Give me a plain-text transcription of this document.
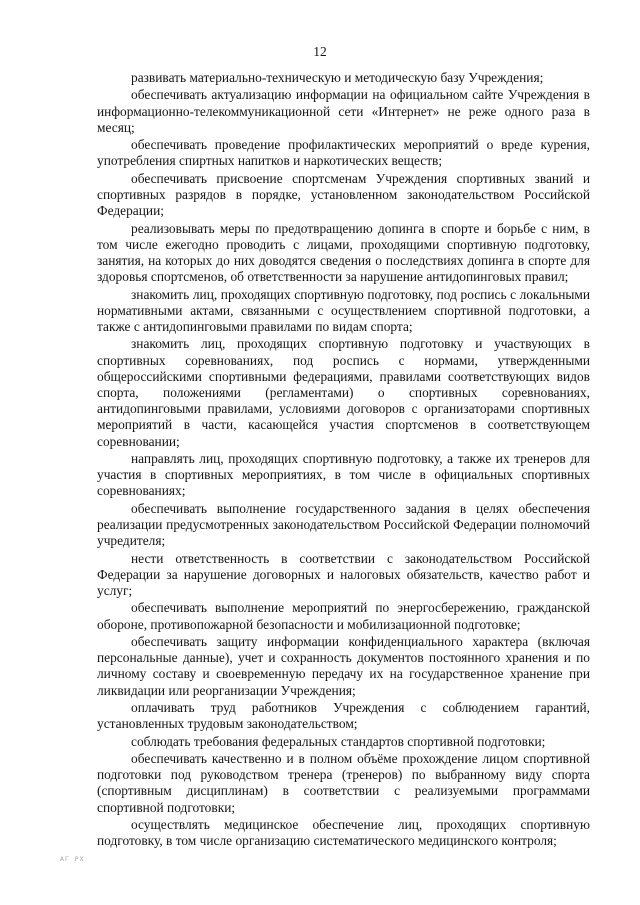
12

развивать материально-техническую и методическую базу Учреждения;

обеспечивать актуализацию информации на официальном сайте Учреждения в информационно-телекоммуникационной сети «Интернет» не реже одного раза в месяц;

обеспечивать проведение профилактических мероприятий о вреде курения, употребления спиртных напитков и наркотических веществ;

обеспечивать присвоение спортсменам Учреждения спортивных званий и спортивных разрядов в порядке, установленном законодательством Российской Федерации;

реализовывать меры по предотвращению допинга в спорте и борьбе с ним, в том числе ежегодно проводить с лицами, проходящими спортивную подготовку, занятия, на которых до них доводятся сведения о последствиях допинга в спорте для здоровья спортсменов, об ответственности за нарушение антидопинговых правил;

знакомить лиц, проходящих спортивную подготовку, под роспись с локальными нормативными актами, связанными с осуществлением спортивной подготовки, а также с антидопинговыми правилами по видам спорта;

знакомить лиц, проходящих спортивную подготовку и участвующих в спортивных соревнованиях, под роспись с нормами, утвержденными общероссийскими спортивными федерациями, правилами соответствующих видов спорта, положениями (регламентами) о спортивных соревнованиях, антидопинговыми правилами, условиями договоров с организаторами спортивных мероприятий в части, касающейся участия спортсменов в соответствующем соревновании;

направлять лиц, проходящих спортивную подготовку, а также их тренеров для участия в спортивных мероприятиях, в том числе в официальных спортивных соревнованиях;

обеспечивать выполнение государственного задания в целях обеспечения реализации предусмотренных законодательством Российской Федерации полномочий учредителя;

нести ответственность в соответствии с законодательством Российской Федерации за нарушение договорных и налоговых обязательств, качество работ и услуг;

обеспечивать выполнение мероприятий по энергосбережению, гражданской обороне, противопожарной безопасности и мобилизационной подготовке;

обеспечивать защиту информации конфиденциального характера (включая персональные данные), учет и сохранность документов постоянного хранения и по личному составу и своевременную передачу их на государственное хранение при ликвидации или реорганизации Учреждения;

оплачивать труд работников Учреждения с соблюдением гарантий, установленных трудовым законодательством;

соблюдать требования федеральных стандартов спортивной подготовки;

обеспечивать качественно и в полном объёме прохождение лицом спортивной подготовки под руководством тренера (тренеров) по выбранному виду спорта (спортивным дисциплинам) в соответствии с реализуемыми программами спортивной подготовки;

осуществлять медицинское обеспечение лиц, проходящих спортивную подготовку, в том числе организацию систематического медицинского контроля;

АГ РХ
